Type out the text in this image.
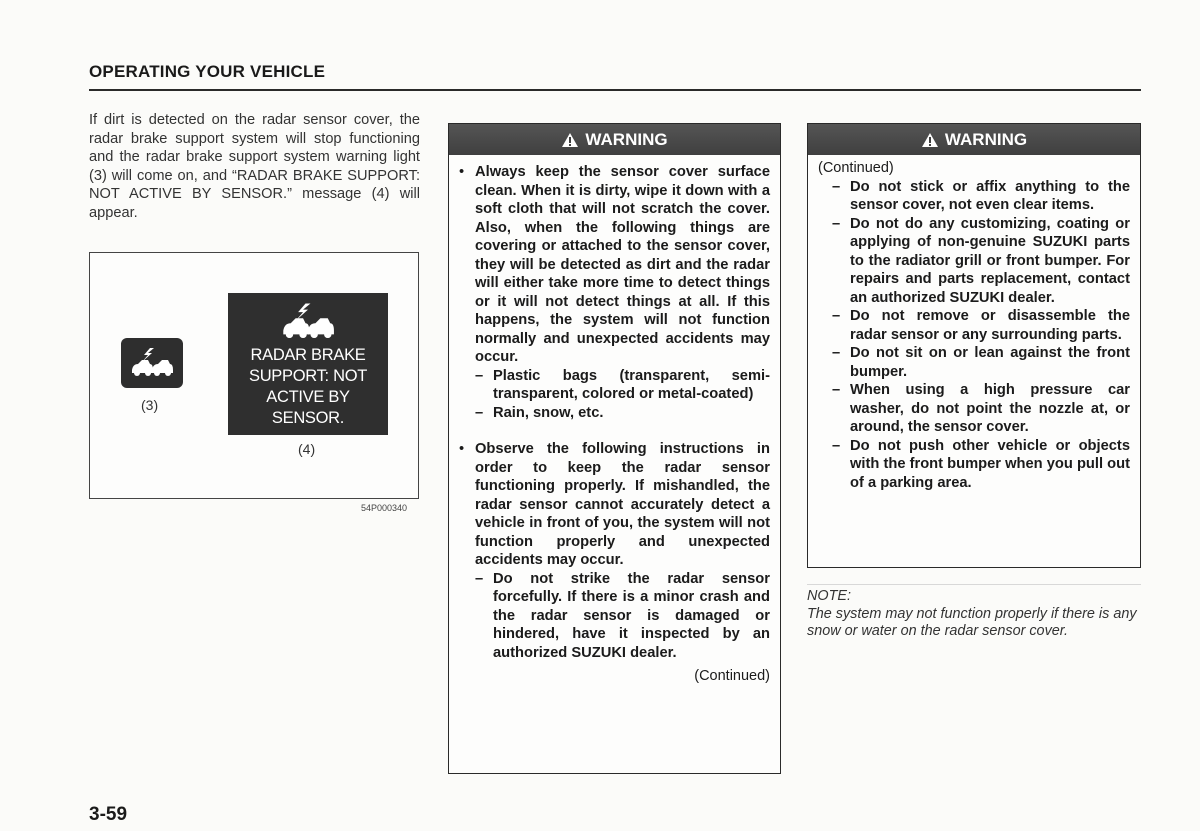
OPERATING YOUR VEHICLE
If dirt is detected on the radar sensor cover, the radar brake support system will stop functioning and the radar brake support system warning light (3) will come on, and “RADAR BRAKE SUPPORT: NOT ACTIVE BY SENSOR.” message (4) will appear.
(3)
RADAR BRAKE
SUPPORT: NOT
ACTIVE BY
SENSOR.
(4)
54P000340
WARNING
• Always keep the sensor cover surface clean. When it is dirty, wipe it down with a soft cloth that will not scratch the cover. Also, when the following things are covering or attached to the sensor cover, they will be detected as dirt and the radar will either take more time to detect things or it will not detect things at all. If this happens, the system will not function normally and unexpected accidents may occur.
– Plastic bags (transparent, semi-transparent, colored or metal-coated)
– Rain, snow, etc.
• Observe the following instructions in order to keep the radar sensor functioning properly. If mishandled, the radar sensor cannot accurately detect a vehicle in front of you, the system will not function properly and unexpected accidents may occur.
– Do not strike the radar sensor forcefully. If there is a minor crash and the radar sensor is damaged or hindered, have it inspected by an authorized SUZUKI dealer.
(Continued)
WARNING
(Continued)
– Do not stick or affix anything to the sensor cover, not even clear items.
– Do not do any customizing, coating or applying of non-genuine SUZUKI parts to the radiator grill or front bumper. For repairs and parts replacement, contact an authorized SUZUKI dealer.
– Do not remove or disassemble the radar sensor or any surrounding parts.
– Do not sit on or lean against the front bumper.
– When using a high pressure car washer, do not point the nozzle at, or around, the sensor cover.
– Do not push other vehicle or objects with the front bumper when you pull out of a parking area.
NOTE:
The system may not function properly if there is any snow or water on the radar sensor cover.
3-59
